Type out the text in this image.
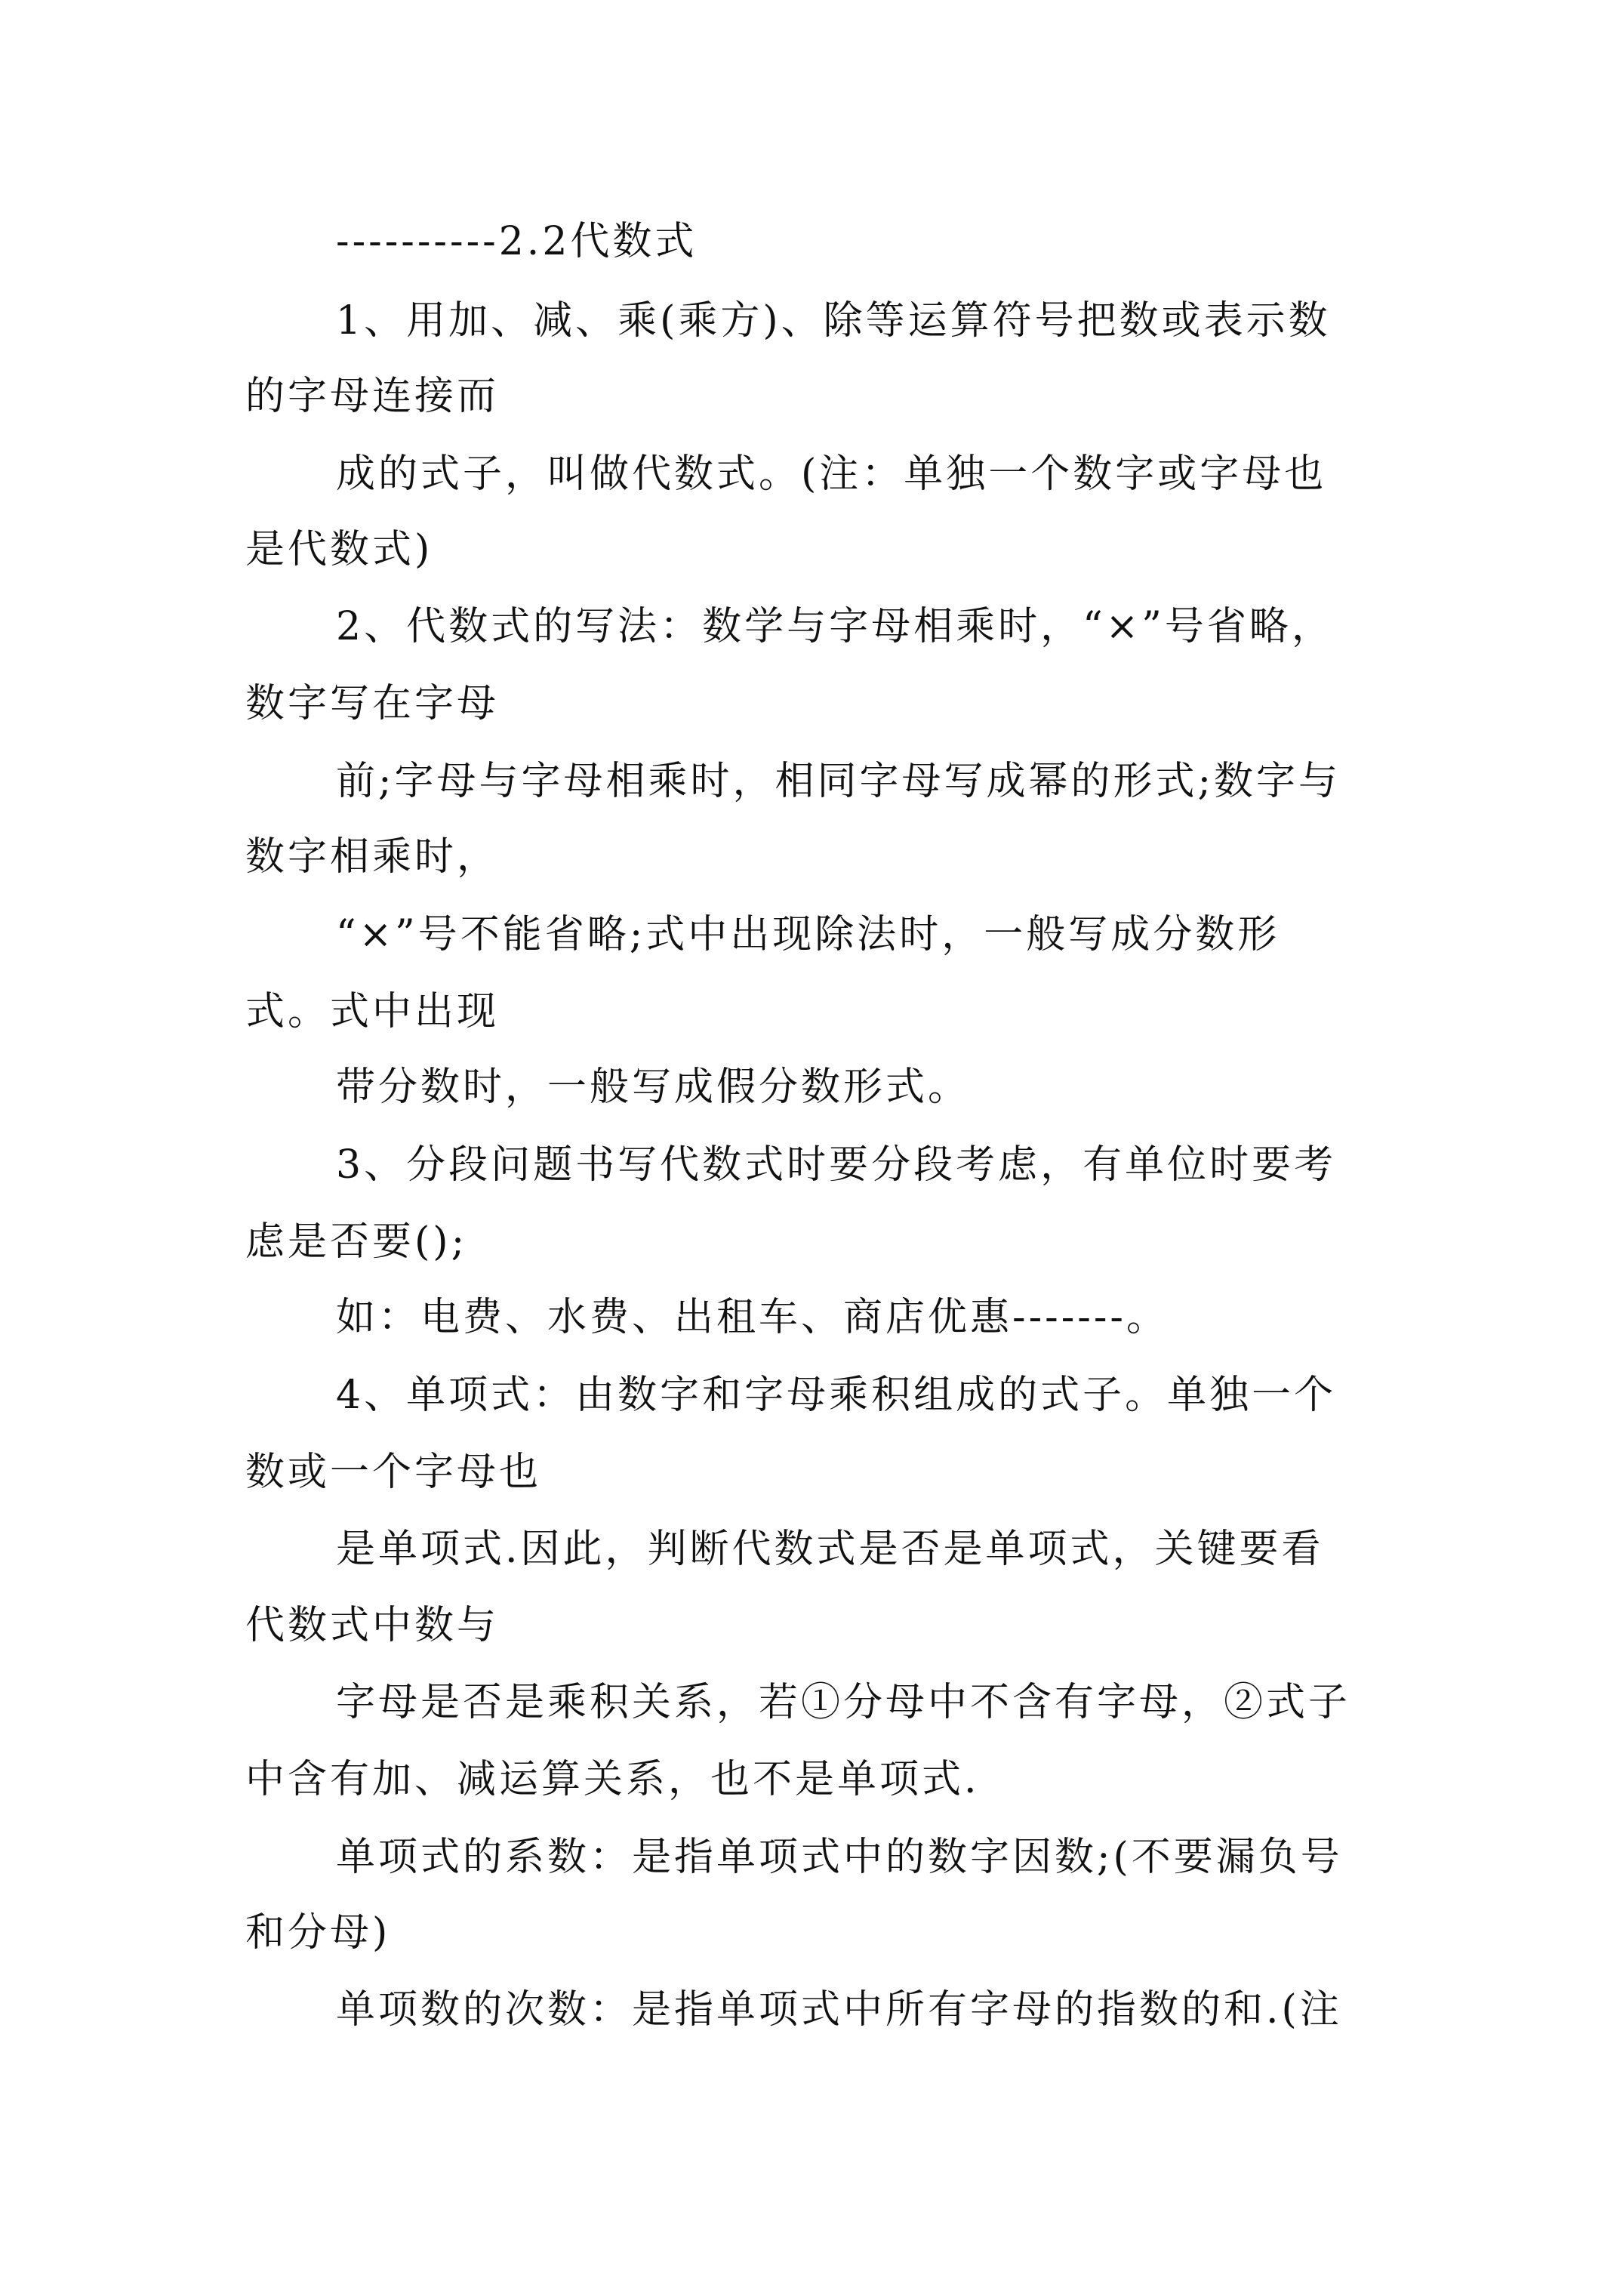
----------2.2代数式
1、用加、减、乘(乘方)、除等运算符号把数或表示数
的字母连接而
成的式子，叫做代数式。(注：单独一个数字或字母也
是代数式)
2、代数式的写法：数学与字母相乘时，“×”号省略，
数字写在字母
前;字母与字母相乘时，相同字母写成幂的形式;数字与
数字相乘时，
“×”号不能省略;式中出现除法时，一般写成分数形
式。式中出现
带分数时，一般写成假分数形式。
3、分段问题书写代数式时要分段考虑，有单位时要考
虑是否要();
如：电费、水费、出租车、商店优惠-------。
4、单项式：由数字和字母乘积组成的式子。单独一个
数或一个字母也
是单项式.因此，判断代数式是否是单项式，关键要看
代数式中数与
字母是否是乘积关系，若①分母中不含有字母，②式子
中含有加、减运算关系，也不是单项式.
单项式的系数：是指单项式中的数字因数;(不要漏负号
和分母)
单项数的次数：是指单项式中所有字母的指数的和.(注
